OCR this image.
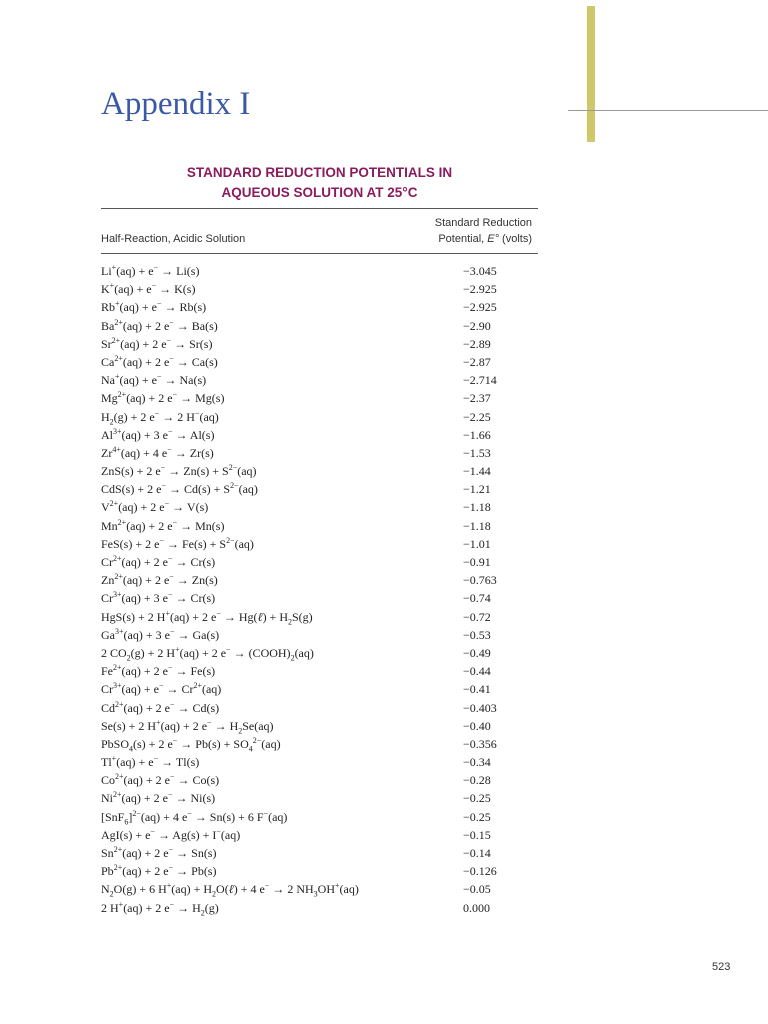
Appendix I
STANDARD REDUCTION POTENTIALS IN
AQUEOUS SOLUTION AT 25°C
Half-Reaction, Acidic Solution
Standard Reduction
Potential, E° (volts)
Li+(aq) + e− → Li(s)	−3.045
K+(aq) + e− → K(s)	−2.925
Rb+(aq) + e− → Rb(s)	−2.925
$Ba^{2+}(aq) + 2$ e− → Ba(s)	−2.90
$Sr^{2+}(aq) + 2$ e− → Sr(s)	−2.89
$Ca^{2+}(aq) + 2$ e− → Ca(s)	−2.87
Na+(aq) + e− → Na(s)	−2.714
$Mg^{2+}(aq) + 2$ e− → Mg(s)	−2.37
$H_2(g) + 2$ e− → 2 H−(aq)	−2.25
$Al^{3+}(aq) + 3$ e− → Al(s)	−1.66
$Zr^{4+}(aq) + 4$ e− → Zr(s)	−1.53
ZnS(s) + 2 $e^- \to Zn(s) + S^{2-}(aq)$	−1.44
CdS(s) + 2 $e^- \to Cd(s) + S^{2-}(aq)$	−1.21
$V^{2+}(aq) + 2$ e− → V(s)	−1.18
$Mn^{2+}(aq) + 2$ e− → Mn(s)	−1.18
FeS(s) + 2 $e^- \to Fe(s) + S^{2-}(aq)$	−1.01
$Cr^{2+}(aq) + 2$ e− → Cr(s)	−0.91
$Zn^{2+}(aq) + 2$ e− → Zn(s)	−0.763
$Cr^{3+}(aq) + 3$ e− → Cr(s)	−0.74
HgS(s) + 2 H+(aq) + 2 e− → Hg(ℓ) + $H_2S(g)$	−0.72
$Ga^{3+}(aq) + 3$ e− → Ga(s)	−0.53
2 $CO_2(g) + 2$ H+(aq) + 2 $e^- \to (COOH)_2(aq)$	−0.49
$Fe^{2+}(aq) + 2$ e− → Fe(s)	−0.44
$Cr^{3+}(aq) + e^- \to Cr^{2+}(aq)$	−0.41
$Cd^{2+}(aq) + 2$ e− → Cd(s)	−0.403
Se(s) + 2 H+(aq) + 2 $e^- \to H_2Se(aq)$	−0.40
PbSO$_4$(s) + 2 $e^- \to Pb(s) + SO_4^{2-}(aq)$	−0.356
Tl+(aq) + e− → Tl(s)	−0.34
$Co^{2+}(aq) + 2$ e− → Co(s)	−0.28
$Ni^{2+}(aq) + 2$ e− → Ni(s)	−0.25
$[SnF_6]^{2-}(aq) + 4$ e− → Sn(s) + 6 F−(aq)	−0.25
AgI(s) + e− → Ag(s) + I−(aq)	−0.15
$Sn^{2+}(aq) + 2$ e− → Sn(s)	−0.14
$Pb^{2+}(aq) + 2$ e− → Pb(s)	−0.126
$N_2O(g) + 6$ $H^+(aq) + H_2O(\ell) + 4$ e− → 2 $NH_3OH^+(aq)$	−0.05
2 H+(aq) + 2 $e^- \to H_2(g)$	0.000
523
